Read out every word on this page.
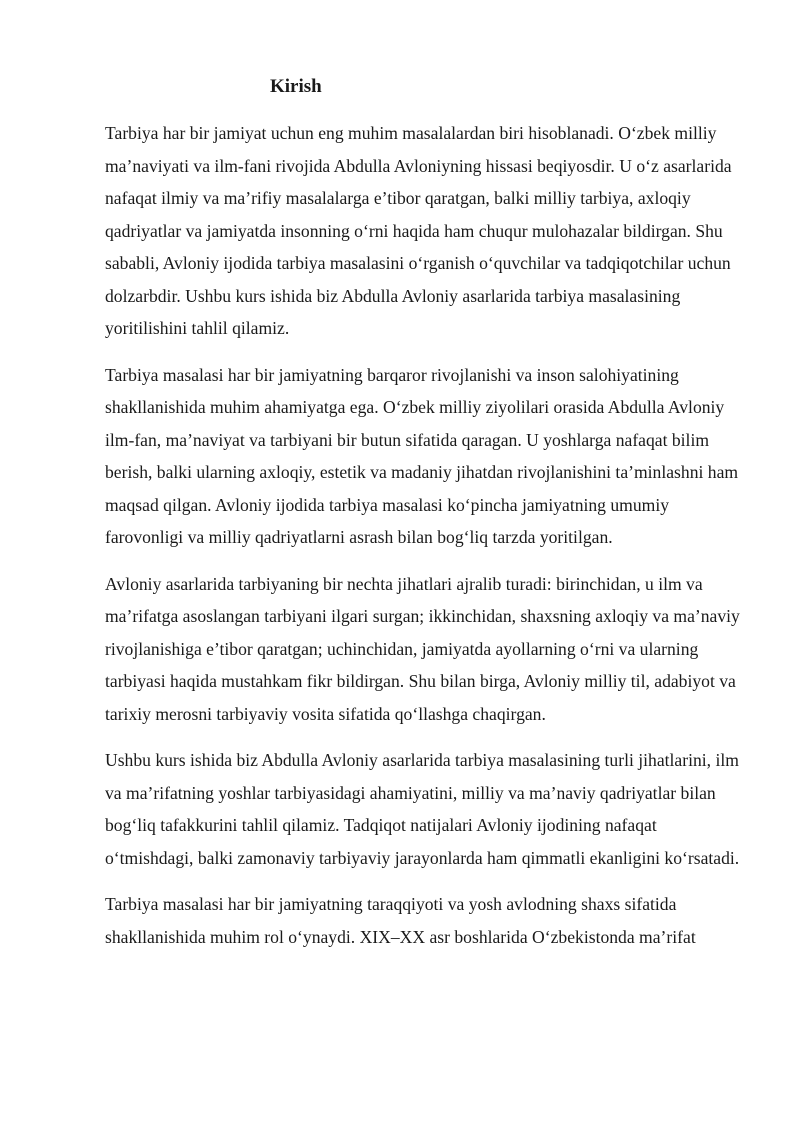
Kirish

Tarbiya har bir jamiyat uchun eng muhim masalalardan biri hisoblanadi. O‘zbek milliy ma’naviyati va ilm-fani rivojida Abdulla Avloniyning hissasi beqiyosdir. U o‘z asarlarida nafaqat ilmiy va ma’rifiy masalalarga e’tibor qaratgan, balki milliy tarbiya, axloqiy qadriyatlar va jamiyatda insonning o‘rni haqida ham chuqur mulohazalar bildirgan. Shu sababli, Avloniy ijodida tarbiya masalasini o‘rganish o‘quvchilar va tadqiqotchilar uchun dolzarbdir. Ushbu kurs ishida biz Abdulla Avloniy asarlarida tarbiya masalasining yoritilishini tahlil qilamiz.

Tarbiya masalasi har bir jamiyatning barqaror rivojlanishi va inson salohiyatining shakllanishida muhim ahamiyatga ega. O‘zbek milliy ziyolilari orasida Abdulla Avloniy ilm-fan, ma’naviyat va tarbiyani bir butun sifatida qaragan. U yoshlarga nafaqat bilim berish, balki ularning axloqiy, estetik va madaniy jihatdan rivojlanishini ta’minlashni ham maqsad qilgan. Avloniy ijodida tarbiya masalasi ko‘pincha jamiyatning umumiy farovonligi va milliy qadriyatlarni asrash bilan bog‘liq tarzda yoritilgan.

Avloniy asarlarida tarbiyaning bir nechta jihatlari ajralib turadi: birinchidan, u ilm va ma’rifatga asoslangan tarbiyani ilgari surgan; ikkinchidan, shaxsning axloqiy va ma’naviy rivojlanishiga e’tibor qaratgan; uchinchidan, jamiyatda ayollarning o‘rni va ularning tarbiyasi haqida mustahkam fikr bildirgan. Shu bilan birga, Avloniy milliy til, adabiyot va tarixiy merosni tarbiyaviy vosita sifatida qo‘llashga chaqirgan.

Ushbu kurs ishida biz Abdulla Avloniy asarlarida tarbiya masalasining turli jihatlarini, ilm va ma’rifatning yoshlar tarbiyasidagi ahamiyatini, milliy va ma’naviy qadriyatlar bilan bog‘liq tafakkurini tahlil qilamiz. Tadqiqot natijalari Avloniy ijodining nafaqat o‘tmishdagi, balki zamonaviy tarbiyaviy jarayonlarda ham qimmatli ekanligini ko‘rsatadi.

Tarbiya masalasi har bir jamiyatning taraqqiyoti va yosh avlodning shaxs sifatida shakllanishida muhim rol o‘ynaydi. XIX–XX asr boshlarida O‘zbekistonda ma’rifat
